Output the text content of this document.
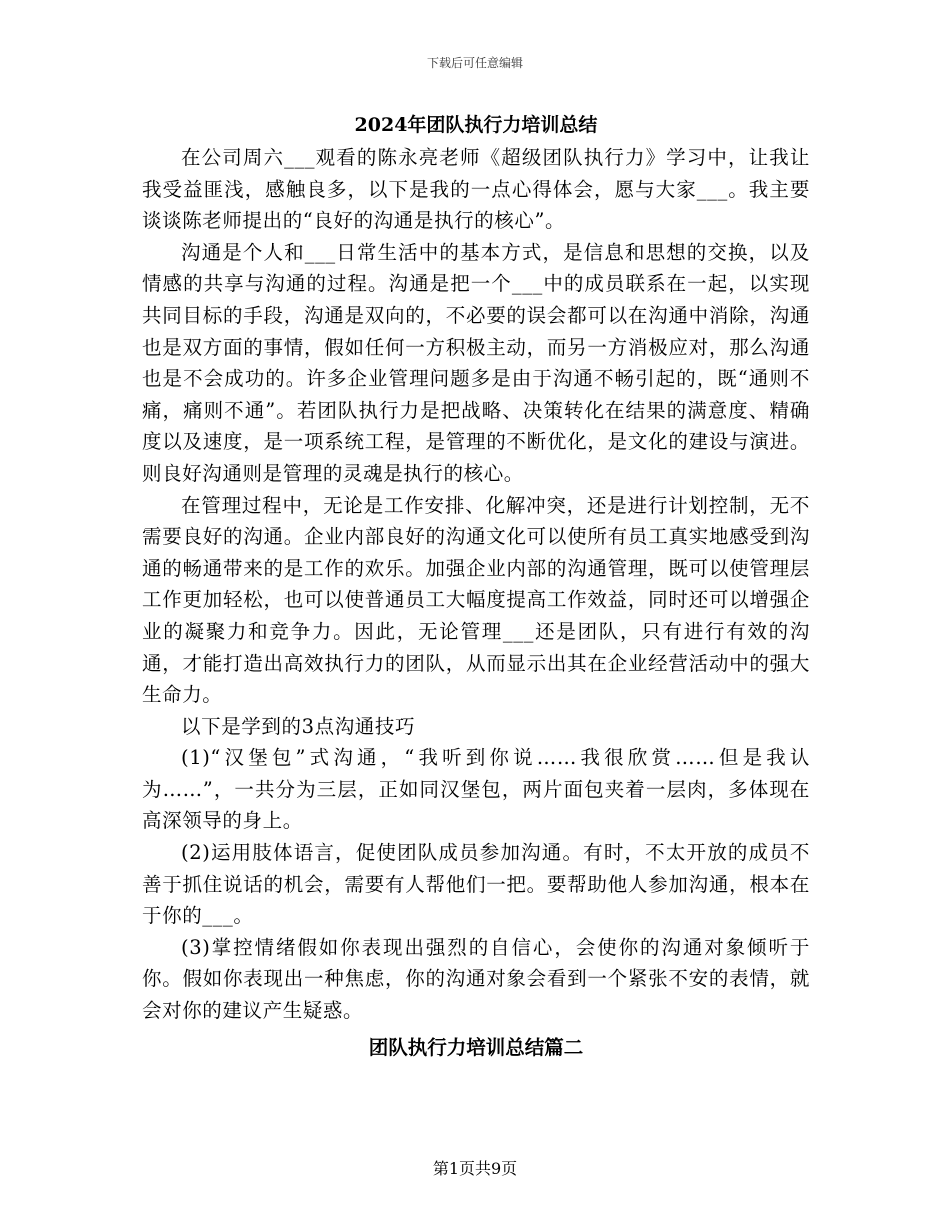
下载后可任意编辑
2024年团队执行力培训总结

在公司周六___观看的陈永亮老师《超级团队执行力》学习中，让我让我受益匪浅，感触良多，以下是我的一点心得体会，愿与大家___。我主要谈谈陈老师提出的“良好的沟通是执行的核心”。

沟通是个人和___日常生活中的基本方式，是信息和思想的交换，以及情感的共享与沟通的过程。沟通是把一个___中的成员联系在一起，以实现共同目标的手段，沟通是双向的，不必要的误会都可以在沟通中消除，沟通也是双方面的事情，假如任何一方积极主动，而另一方消极应对，那么沟通也是不会成功的。许多企业管理问题多是由于沟通不畅引起的，既“通则不痛，痛则不通”。若团队执行力是把战略、决策转化在结果的满意度、精确度以及速度，是一项系统工程，是管理的不断优化，是文化的建设与演进。则良好沟通则是管理的灵魂是执行的核心。

在管理过程中，无论是工作安排、化解冲突，还是进行计划控制，无不需要良好的沟通。企业内部良好的沟通文化可以使所有员工真实地感受到沟通的畅通带来的是工作的欢乐。加强企业内部的沟通管理，既可以使管理层工作更加轻松，也可以使普通员工大幅度提高工作效益，同时还可以增强企业的凝聚力和竞争力。因此，无论管理___还是团队，只有进行有效的沟通，才能打造出高效执行力的团队，从而显示出其在企业经营活动中的强大生命力。

以下是学到的3点沟通技巧

(1)“汉堡包”式沟通，“我听到你说……我很欣赏……但是我认为……”，一共分为三层，正如同汉堡包，两片面包夹着一层肉，多体现在高深领导的身上。

(2)运用肢体语言，促使团队成员参加沟通。有时，不太开放的成员不善于抓住说话的机会，需要有人帮他们一把。要帮助他人参加沟通，根本在于你的___。

(3)掌控情绪假如你表现出强烈的自信心，会使你的沟通对象倾听于你。假如你表现出一种焦虑，你的沟通对象会看到一个紧张不安的表情，就会对你的建议产生疑惑。

团队执行力培训总结篇二
第1页共9页
